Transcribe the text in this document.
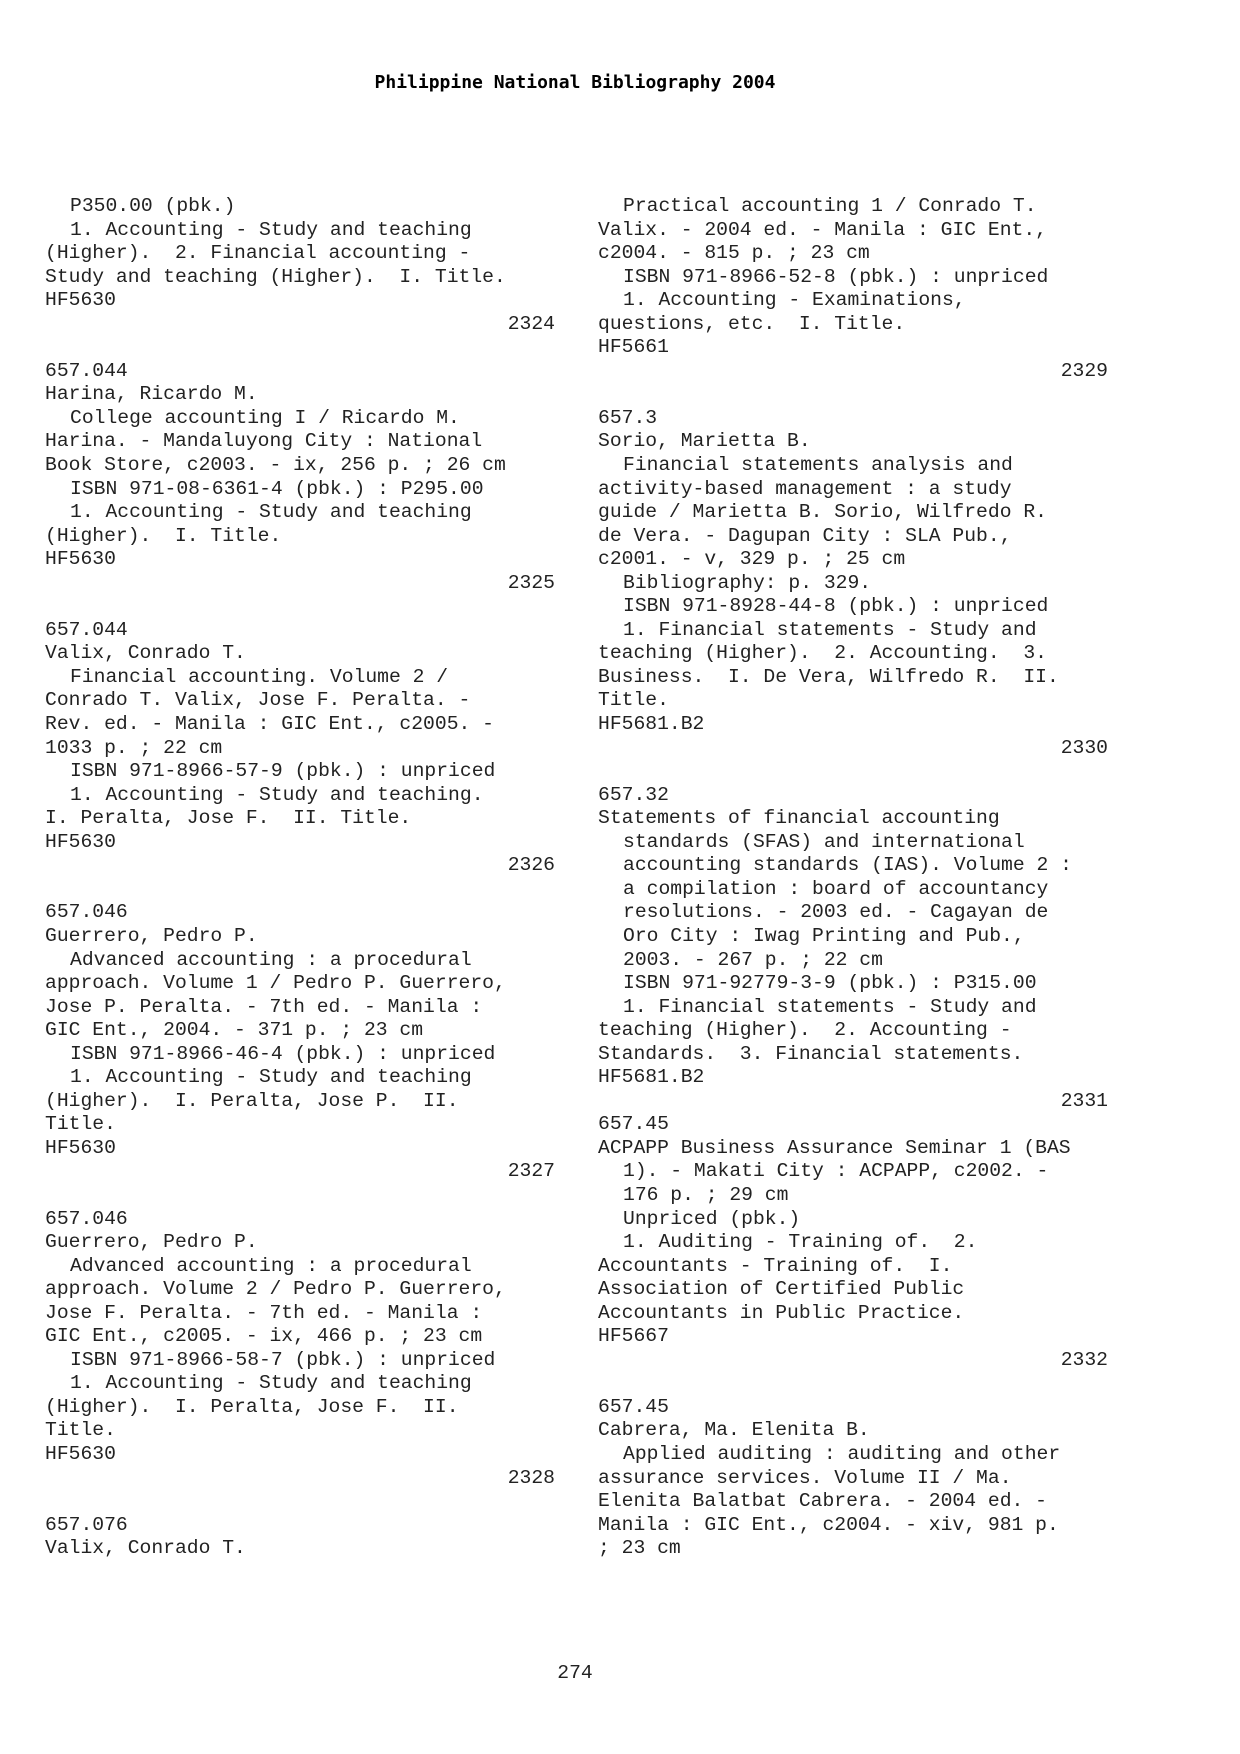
Philippine National Bibliography 2004
P350.00 (pbk.)
1. Accounting - Study and teaching
(Higher).  2. Financial accounting -
Study and teaching (Higher).  I. Title.
HF5630
2324
657.044
Harina, Ricardo M.
College accounting I / Ricardo M.
Harina. - Mandaluyong City : National
Book Store, c2003. - ix, 256 p. ; 26 cm
ISBN 971-08-6361-4 (pbk.) : P295.00
1. Accounting - Study and teaching
(Higher).  I. Title.
HF5630
2325
657.044
Valix, Conrado T.
Financial accounting. Volume 2 /
Conrado T. Valix, Jose F. Peralta. -
Rev. ed. - Manila : GIC Ent., c2005. -
1033 p. ; 22 cm
ISBN 971-8966-57-9 (pbk.) : unpriced
1. Accounting - Study and teaching.
I. Peralta, Jose F.  II. Title.
HF5630
2326
657.046
Guerrero, Pedro P.
Advanced accounting : a procedural
approach. Volume 1 / Pedro P. Guerrero,
Jose P. Peralta. - 7th ed. - Manila :
GIC Ent., 2004. - 371 p. ; 23 cm
ISBN 971-8966-46-4 (pbk.) : unpriced
1. Accounting - Study and teaching
(Higher).  I. Peralta, Jose P.  II.
Title.
HF5630
2327
657.046
Guerrero, Pedro P.
Advanced accounting : a procedural
approach. Volume 2 / Pedro P. Guerrero,
Jose F. Peralta. - 7th ed. - Manila :
GIC Ent., c2005. - ix, 466 p. ; 23 cm
ISBN 971-8966-58-7 (pbk.) : unpriced
1. Accounting - Study and teaching
(Higher).  I. Peralta, Jose F.  II.
Title.
HF5630
2328
657.076
Valix, Conrado T.
Practical accounting 1 / Conrado T.
Valix. - 2004 ed. - Manila : GIC Ent.,
c2004. - 815 p. ; 23 cm
ISBN 971-8966-52-8 (pbk.) : unpriced
1. Accounting - Examinations,
questions, etc.  I. Title.
HF5661
2329
657.3
Sorio, Marietta B.
Financial statements analysis and
activity-based management : a study
guide / Marietta B. Sorio, Wilfredo R.
de Vera. - Dagupan City : SLA Pub.,
c2001. - v, 329 p. ; 25 cm
Bibliography: p. 329.
ISBN 971-8928-44-8 (pbk.) : unpriced
1. Financial statements - Study and
teaching (Higher).  2. Accounting.  3.
Business.  I. De Vera, Wilfredo R.  II.
Title.
HF5681.B2
2330
657.32
Statements of financial accounting
standards (SFAS) and international
accounting standards (IAS). Volume 2 :
a compilation : board of accountancy
resolutions. - 2003 ed. - Cagayan de
Oro City : Iwag Printing and Pub.,
2003. - 267 p. ; 22 cm
ISBN 971-92779-3-9 (pbk.) : P315.00
1. Financial statements - Study and
teaching (Higher).  2. Accounting -
Standards.  3. Financial statements.
HF5681.B2
2331
657.45
ACPAPP Business Assurance Seminar 1 (BAS
1). - Makati City : ACPAPP, c2002. -
176 p. ; 29 cm
Unpriced (pbk.)
1. Auditing - Training of.  2.
Accountants - Training of.  I.
Association of Certified Public
Accountants in Public Practice.
HF5667
2332
657.45
Cabrera, Ma. Elenita B.
Applied auditing : auditing and other
assurance services. Volume II / Ma.
Elenita Balatbat Cabrera. - 2004 ed. -
Manila : GIC Ent., c2004. - xiv, 981 p.
; 23 cm
274
